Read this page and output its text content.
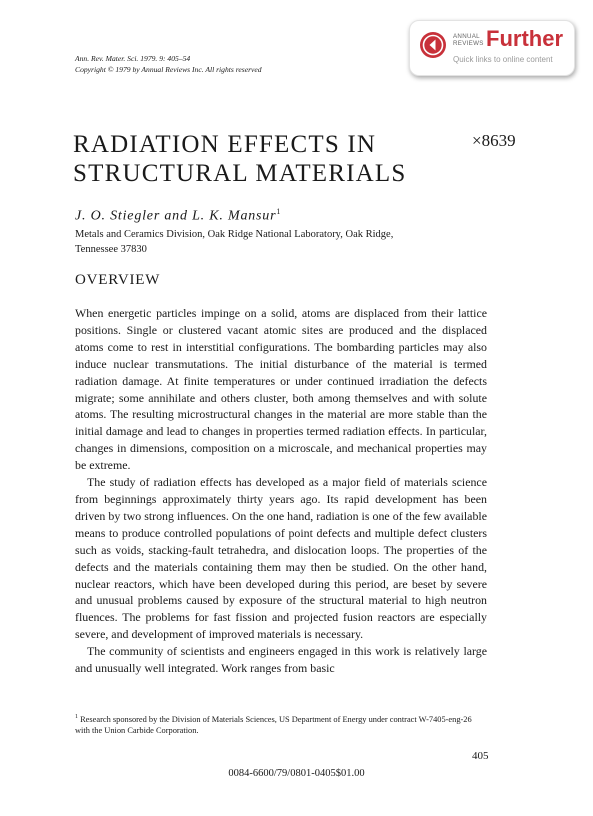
Ann. Rev. Mater. Sci. 1979. 9: 405–54
Copyright © 1979 by Annual Reviews Inc. All rights reserved
ANNUAL
REVIEWS Further
Quick links to online content
RADIATION EFFECTS IN
STRUCTURAL MATERIALS
×8639
J. O. Stiegler and L. K. Mansur$^1$
Metals and Ceramics Division, Oak Ridge National Laboratory, Oak Ridge,
Tennessee 37830
OVERVIEW

When energetic particles impinge on a solid, atoms are displaced from their lattice positions. Single or clustered vacant atomic sites are produced and the displaced atoms come to rest in interstitial configurations. The bombarding particles may also induce nuclear transmutations. The initial disturbance of the material is termed radiation damage. At finite temperatures or under continued irradiation the defects migrate; some annihilate and others cluster, both among themselves and with solute atoms. The resulting microstructural changes in the material are more stable than the initial damage and lead to changes in properties termed radiation effects. In particular, changes in dimensions, composition on a microscale, and mechanical properties may be extreme.

The study of radiation effects has developed as a major field of materials science from beginnings approximately thirty years ago. Its rapid development has been driven by two strong influences. On the one hand, radiation is one of the few available means to produce controlled populations of point defects and multiple defect clusters such as voids, stacking-fault tetrahedra, and dislocation loops. The properties of the defects and the materials containing them may then be studied. On the other hand, nuclear reactors, which have been developed during this period, are beset by severe and unusual problems caused by exposure of the structural material to high neutron fluences. The problems for fast fission and projected fusion reactors are especially severe, and development of improved materials is necessary.

The community of scientists and engineers engaged in this work is relatively large and unusually well integrated. Work ranges from basic

$^1$ Research sponsored by the Division of Materials Sciences, US Department of Energy under contract W-7405-eng-26 with the Union Carbide Corporation.
405
0084-6600/79/0801-0405$01.00
